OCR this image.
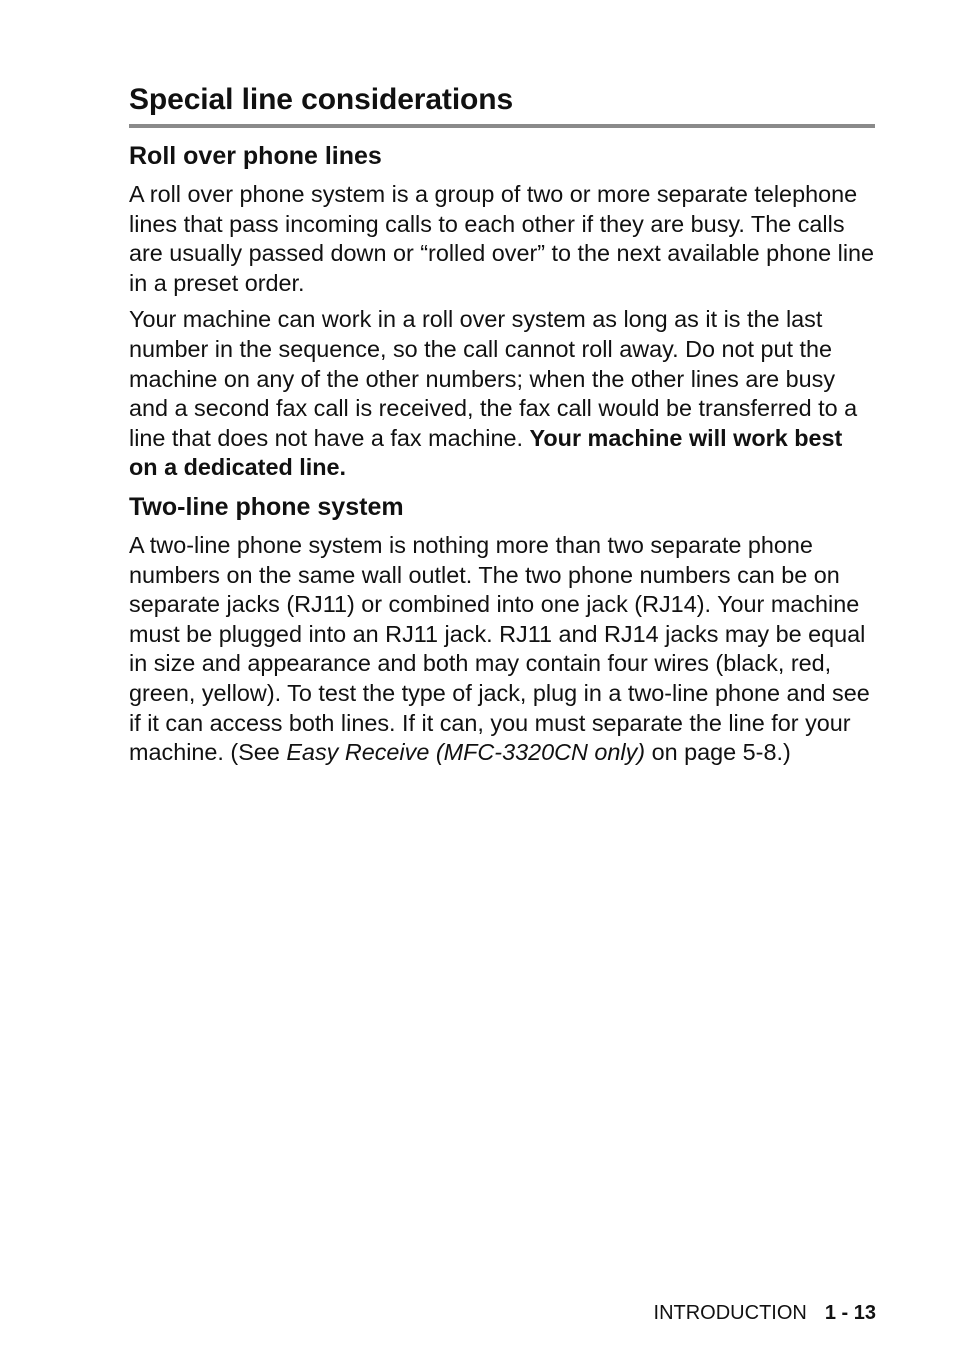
Special line considerations
Roll over phone lines

A roll over phone system is a group of two or more separate telephone lines that pass incoming calls to each other if they are busy. The calls are usually passed down or “rolled over” to the next available phone line in a preset order.

Your machine can work in a roll over system as long as it is the last number in the sequence, so the call cannot roll away. Do not put the machine on any of the other numbers; when the other lines are busy and a second fax call is received, the fax call would be transferred to a line that does not have a fax machine. Your machine will work best on a dedicated line.

Two-line phone system

A two-line phone system is nothing more than two separate phone numbers on the same wall outlet. The two phone numbers can be on separate jacks (RJ11) or combined into one jack (RJ14). Your machine must be plugged into an RJ11 jack. RJ11 and RJ14 jacks may be equal in size and appearance and both may contain four wires (black, red, green, yellow). To test the type of jack, plug in a two-line phone and see if it can access both lines. If it can, you must separate the line for your machine. (See Easy Receive (MFC-3320CN only) on page 5-8.)

INTRODUCTION 1 - 13
